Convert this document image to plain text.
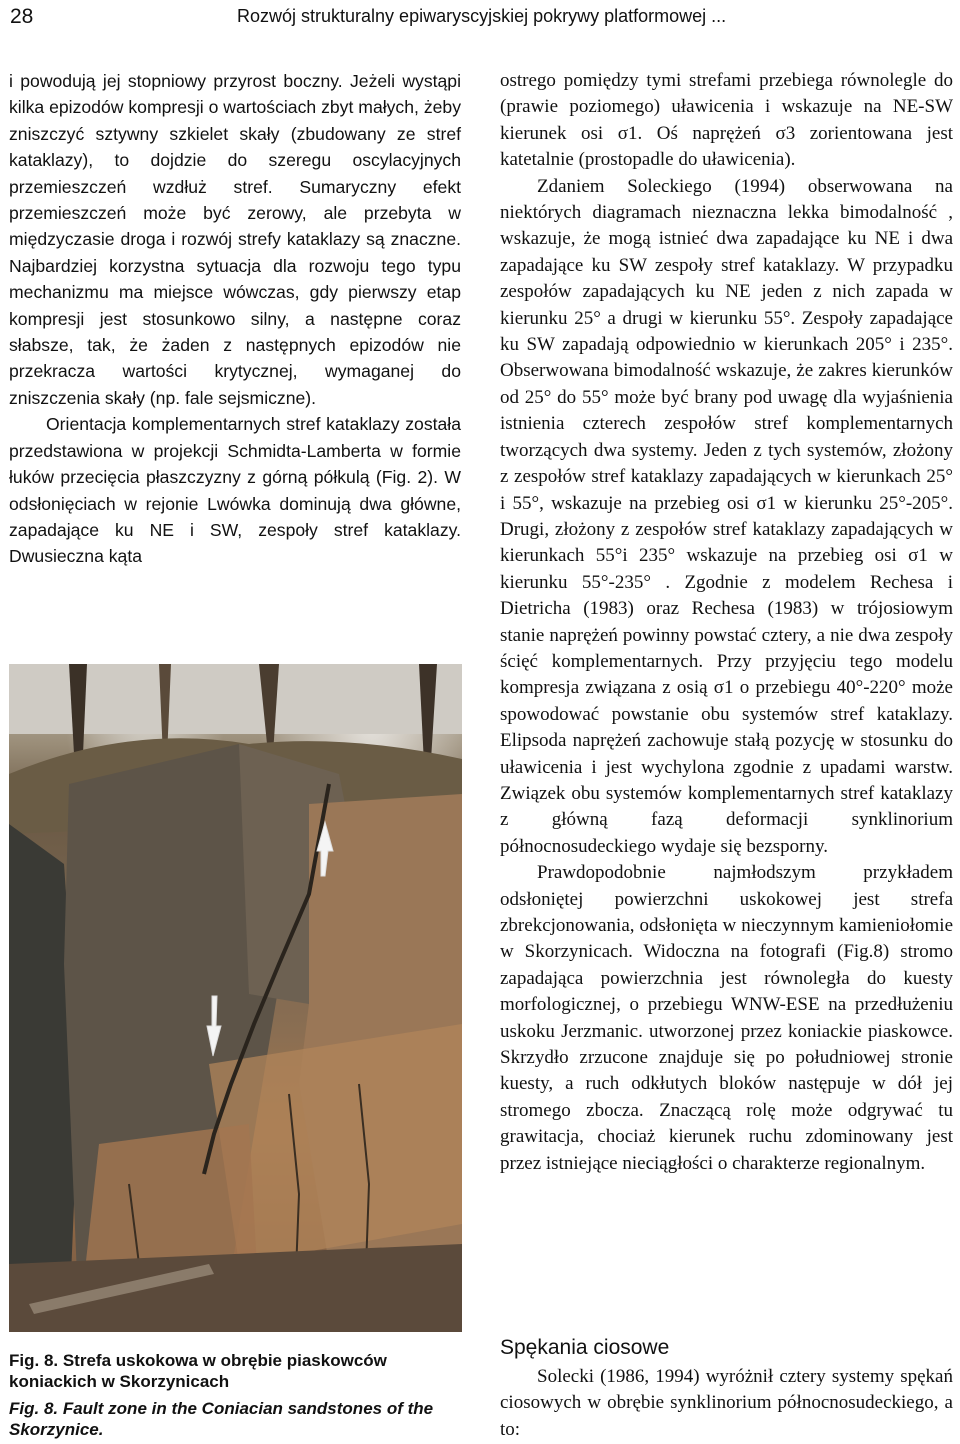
28	Rozwój strukturalny epiwaryscyjskiej pokrywy platformowej ...

i powodują jej stopniowy przyrost boczny. Jeżeli wystąpi kilka epizodów kompresji o wartościach zbyt małych, żeby zniszczyć sztywny szkielet skały (zbudowany ze stref kataklazy), to dojdzie do szeregu oscylacyjnych przemieszczeń wzdłuż stref. Sumaryczny efekt przemieszczeń może być zerowy, ale przebyta w międzyczasie droga i rozwój strefy kataklazy są znaczne. Najbardziej korzystna sytuacja dla rozwoju tego typu mechanizmu ma miejsce wówczas, gdy pierwszy etap kompresji jest stosunkowo silny, a następne coraz słabsze, tak, że żaden z następnych epizodów nie przekracza wartości krytycznej, wymaganej do zniszczenia skały (np. fale sejsmiczne).

Orientacja komplementarnych stref kataklazy została przedstawiona w projekcji Schmidta-Lamberta w formie łuków przecięcia płaszczyzny z górną półkulą (Fig. 2). W odsłonięciach w rejonie Lwówka dominują dwa główne, zapadające ku NE i SW, zespoły stref kataklazy. Dwusieczna kąta

ostrego pomiędzy tymi strefami przebiega równolegle do (prawie poziomego) uławicenia i wskazuje na NE-SW kierunek osi σ1. Oś naprężeń σ3 zorientowana jest katetalnie (prostopadle do uławicenia).

Zdaniem Soleckiego (1994) obserwowana na niektórych diagramach nieznaczna lekka bimodalność , wskazuje, że mogą istnieć dwa zapadające ku NE i dwa zapadające ku SW zespoły stref kataklazy. W przypadku zespołów zapadających ku NE jeden z nich zapada w kierunku 25° a drugi w kierunku 55°. Zespoły zapadające ku SW zapadają odpowiednio w kierunkach 205° i 235°. Obserwowana bimodalność wskazuje, że zakres kierunków od 25° do 55° może być brany pod uwagę dla wyjaśnienia istnienia czterech zespołów stref komplementarnych tworzących dwa systemy. Jeden z tych systemów, złożony z zespołów stref kataklazy zapadających w kierunkach 25° i 55°, wskazuje na przebieg osi σ1 w kierunku 25°-205°. Drugi, złożony z zespołów stref kataklazy zapadających w kierunkach 55°i 235° wskazuje na przebieg osi σ1 w kierunku 55°-235° . Zgodnie z modelem Rechesa i Dietricha (1983) oraz Rechesa (1983) w trójosiowym stanie naprężeń powinny powstać cztery, a nie dwa zespoły ścięć komplementarnych. Przy przyjęciu tego modelu kompresja związana z osią σ1 o przebiegu 40°-220° może spowodować powstanie obu systemów stref kataklazy. Elipsoda naprężeń zachowuje stałą pozycję w stosunku do uławicenia i jest wychylona zgodnie z upadami warstw. Związek obu systemów komplementarnych stref kataklazy z główną fazą deformacji synklinorium północnosudeckiego wydaje się bezsporny.

Prawdopodobnie najmłodszym przykładem odsłoniętej powierzchni uskokowej jest strefa zbrekcjonowania, odsłonięta w nieczynnym kamieniołomie w Skorzynicach. Widoczna na fotografi (Fig.8) stromo zapadająca powierzchnia jest równoległa do kuesty morfologicznej, o przebiegu WNW-ESE na przedłużeniu uskoku Jerzmanic. utworzonej przez koniackie piaskowce. Skrzydło zrzucone znajduje się po południowej stronie kuesty, a ruch odkłutych bloków następuje w dół jej stromego zbocza. Znaczącą rolę może odgrywać tu grawitacja, chociaż kierunek ruchu zdominowany jest przez istniejące nieciągłości o charakterze regionalnym.

Fig. 8. Strefa uskokowa w obrębie piaskowców koniackich w Skorzynicach
Fig. 8. Fault zone in the Coniacian sandstones of the Skorzynice.
Spękania ciosowe

Solecki (1986, 1994) wyróżnił cztery systemy spękań ciosowych w obrębie synklinorium północnosudeckiego, a to:
